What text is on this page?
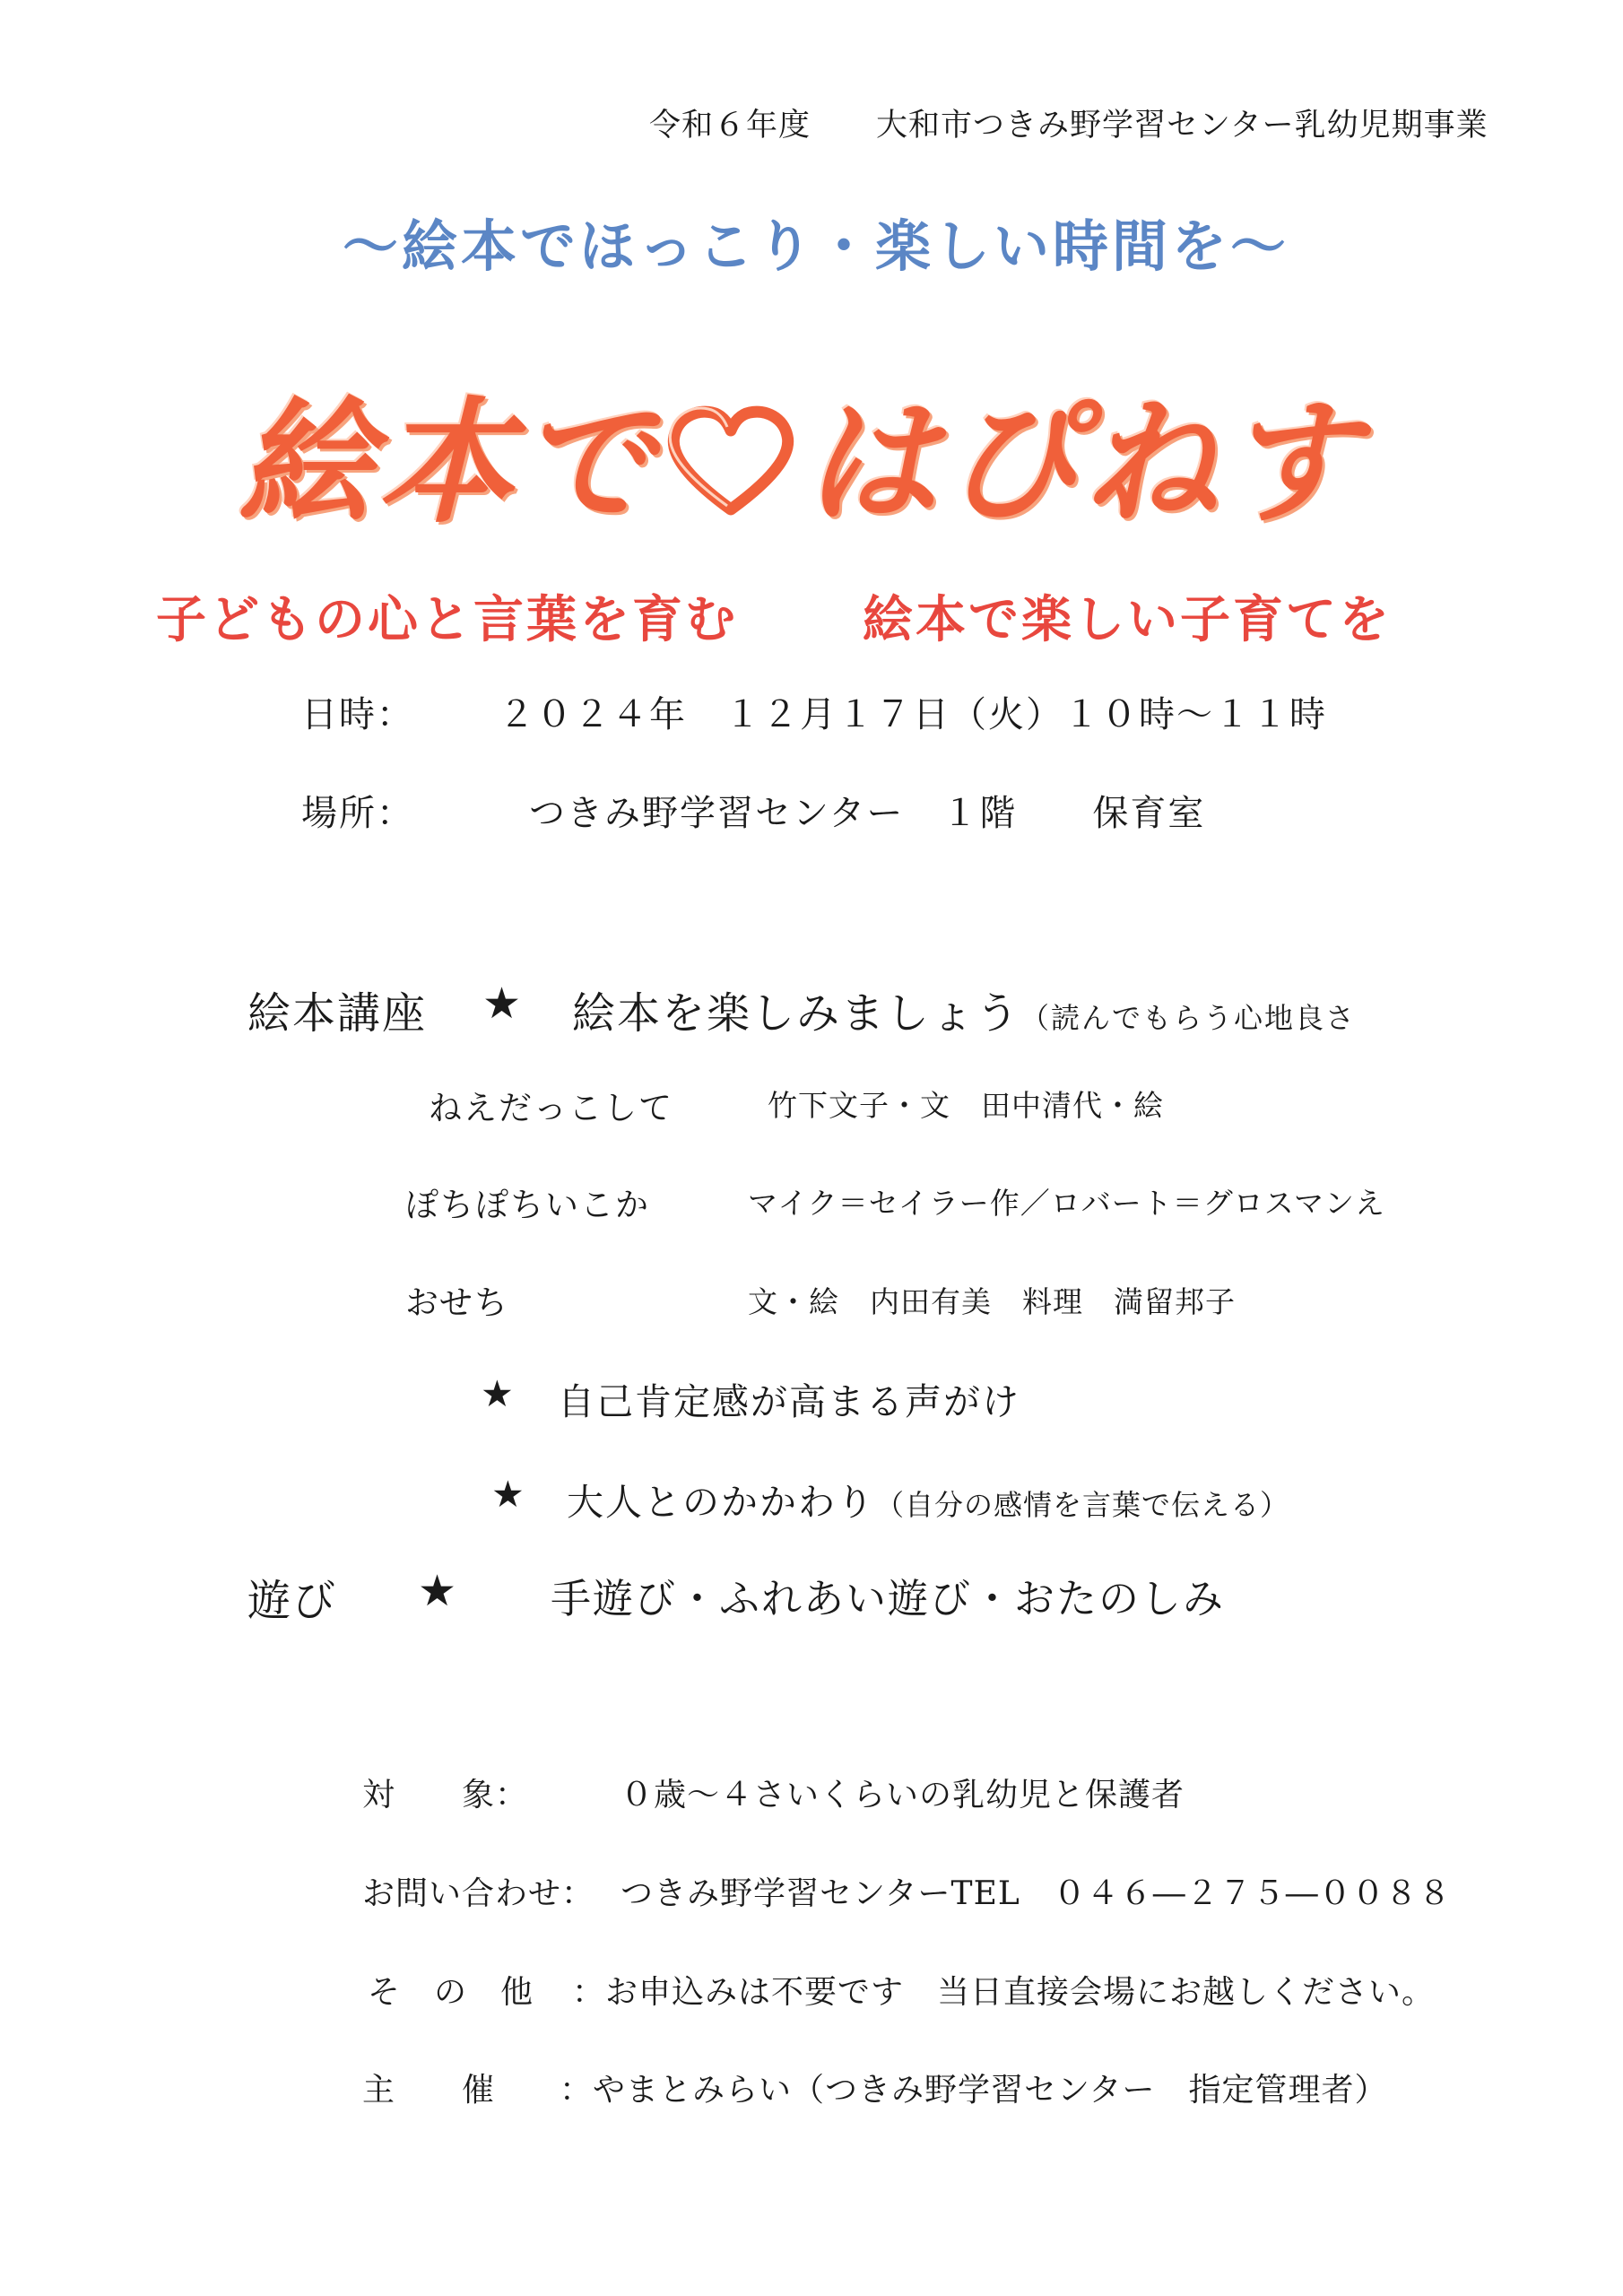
令和６年度 大和市つきみ野学習センター乳幼児期事業
～絵本でほっこり・楽しい時間を～
絵本で はぴねす
子どもの心と言葉を育む 絵本で楽しい子育てを
日時： ２０２４年　１２月１７日（火）１０時～１１時
場所：	つきみ野学習センター　１階　　保育室
絵本講座 ★ 絵本を楽しみましょう（読んでもらう心地良さ
ねえだっこして	竹下文子・文　田中清代・絵
ぽちぽちいこか	マイク＝セイラー作／ロバート＝グロスマンえ
おせち	文・絵　内田有美　料理　満留邦子
★ 自己肯定感が高まる声がけ
★ 大人とのかかわり（自分の感情を言葉で伝える）
遊び ★ 手遊び・ふれあい遊び・おたのしみ
対　　象：	０歳～４さいくらいの乳幼児と保護者
お問い合わせ： つきみ野学習センターTEL　０４６―２７５―００８８
そ　の　他 ：お申込みは不要です　当日直接会場にお越しください。
主　　催 ：やまとみらい（つきみ野学習センター　指定管理者）
